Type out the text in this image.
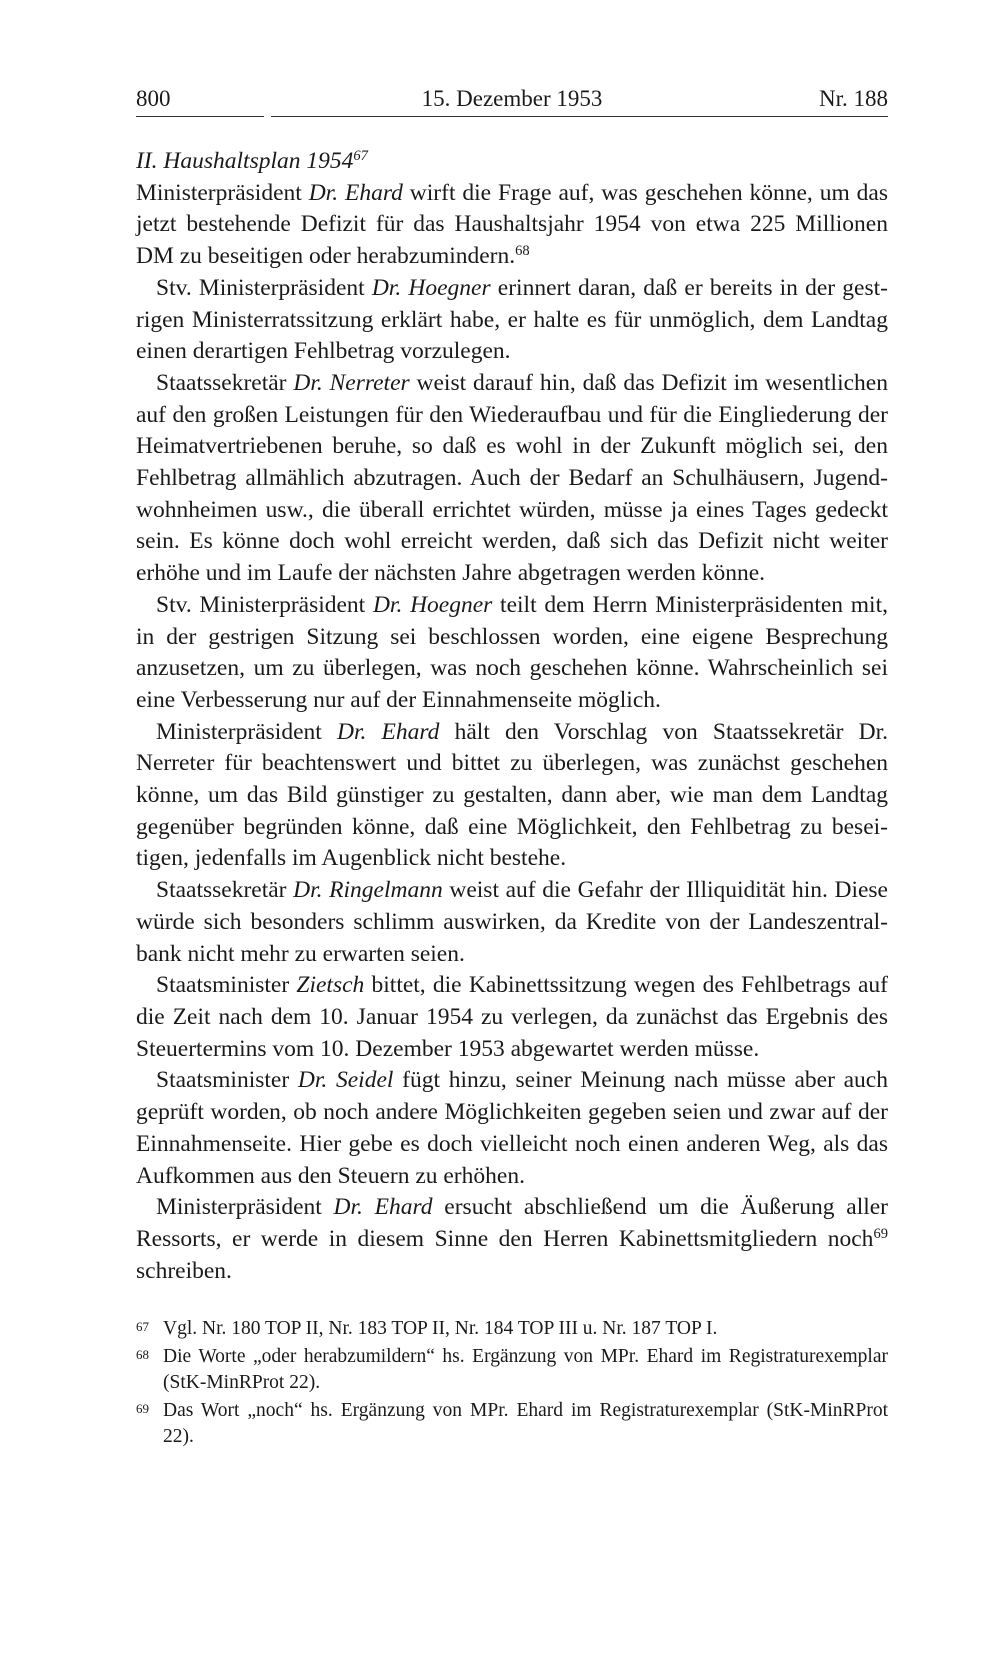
800	15. Dezember 1953	Nr. 188

II. Haushaltsplan 1954$^{67}$

Ministerpräsident Dr. Ehard wirft die Frage auf, was geschehen könne, um das jetzt bestehende Defizit für das Haushaltsjahr 1954 von etwa 225 Millionen DM zu beseitigen oder herabzumindern.$^{68}$

Stv. Ministerpräsident Dr. Hoegner erinnert daran, daß er bereits in der gestrigen Ministerratssitzung erklärt habe, er halte es für unmöglich, dem Landtag einen derartigen Fehlbetrag vorzulegen.

Staatssekretär Dr. Nerreter weist darauf hin, daß das Defizit im wesentlichen auf den großen Leistungen für den Wiederaufbau und für die Eingliederung der Heimatvertriebenen beruhe, so daß es wohl in der Zukunft möglich sei, den Fehlbetrag allmählich abzutragen. Auch der Bedarf an Schulhäusern, Jugendwohnheimen usw., die überall errichtet würden, müsse ja eines Tages gedeckt sein. Es könne doch wohl erreicht werden, daß sich das Defizit nicht weiter erhöhe und im Laufe der nächsten Jahre abgetragen werden könne.

Stv. Ministerpräsident Dr. Hoegner teilt dem Herrn Ministerpräsidenten mit, in der gestrigen Sitzung sei beschlossen worden, eine eigene Besprechung anzusetzen, um zu überlegen, was noch geschehen könne. Wahrscheinlich sei eine Verbesserung nur auf der Einnahmenseite möglich.

Ministerpräsident Dr. Ehard hält den Vorschlag von Staatssekretär Dr. Nerreter für beachtenswert und bittet zu überlegen, was zunächst geschehen könne, um das Bild günstiger zu gestalten, dann aber, wie man dem Landtag gegenüber begründen könne, daß eine Möglichkeit, den Fehlbetrag zu beseitigen, jedenfalls im Augenblick nicht bestehe.

Staatssekretär Dr. Ringelmann weist auf die Gefahr der Illiquidität hin. Diese würde sich besonders schlimm auswirken, da Kredite von der Landeszentralbank nicht mehr zu erwarten seien.

Staatsminister Zietsch bittet, die Kabinettssitzung wegen des Fehlbetrags auf die Zeit nach dem 10. Januar 1954 zu verlegen, da zunächst das Ergebnis des Steuertermins vom 10. Dezember 1953 abgewartet werden müsse.

Staatsminister Dr. Seidel fügt hinzu, seiner Meinung nach müsse aber auch geprüft worden, ob noch andere Möglichkeiten gegeben seien und zwar auf der Einnahmenseite. Hier gebe es doch vielleicht noch einen anderen Weg, als das Aufkommen aus den Steuern zu erhöhen.

Ministerpräsident Dr. Ehard ersucht abschließend um die Äußerung aller Ressorts, er werde in diesem Sinne den Herren Kabinettsmitgliedern noch$^{69}$ schreiben.

67 Vgl. Nr. 180 TOP II, Nr. 183 TOP II, Nr. 184 TOP III u. Nr. 187 TOP I.
68 Die Worte „oder herabzumildern“ hs. Ergänzung von MPr. Ehard im Registraturexemplar (StK-MinRProt 22).
69 Das Wort „noch“ hs. Ergänzung von MPr. Ehard im Registraturexemplar (StK-MinRProt 22).
